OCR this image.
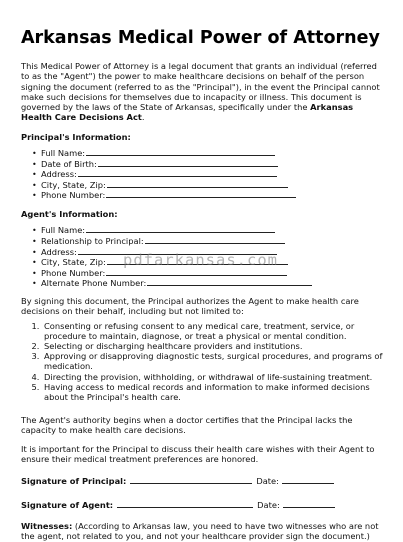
Arkansas Medical Power of Attorney

This Medical Power of Attorney is a legal document that grants an individual (referred to as the "Agent") the power to make healthcare decisions on behalf of the person signing the document (referred to as the "Principal"), in the event the Principal cannot make such decisions for themselves due to incapacity or illness. This document is governed by the laws of the State of Arkansas, specifically under the Arkansas Health Care Decisions Act.

Principal's Information:
• Full Name:
• Date of Birth:
• Address:
• City, State, Zip:
• Phone Number:
Agent's Information:
• Full Name:
• Relationship to Principal:
• Address:
• City, State, Zip:
• Phone Number:
• Alternate Phone Number:

By signing this document, the Principal authorizes the Agent to make health care decisions on their behalf, including but not limited to:

1. Consenting or refusing consent to any medical care, treatment, service, or procedure to maintain, diagnose, or treat a physical or mental condition.
2. Selecting or discharging healthcare providers and institutions.
3. Approving or disapproving diagnostic tests, surgical procedures, and programs of medication.
4. Directing the provision, withholding, or withdrawal of life-sustaining treatment.
5. Having access to medical records and information to make informed decisions about the Principal's health care.

The Agent's authority begins when a doctor certifies that the Principal lacks the capacity to make health care decisions.

It is important for the Principal to discuss their health care wishes with their Agent to ensure their medical treatment preferences are honored.

Signature of Principal:	Date:
Signature of Agent:	Date:

Witnesses: (According to Arkansas law, you need to have two witnesses who are not the agent, not related to you, and not your healthcare provider sign the document.)

pdfarkansas.com
